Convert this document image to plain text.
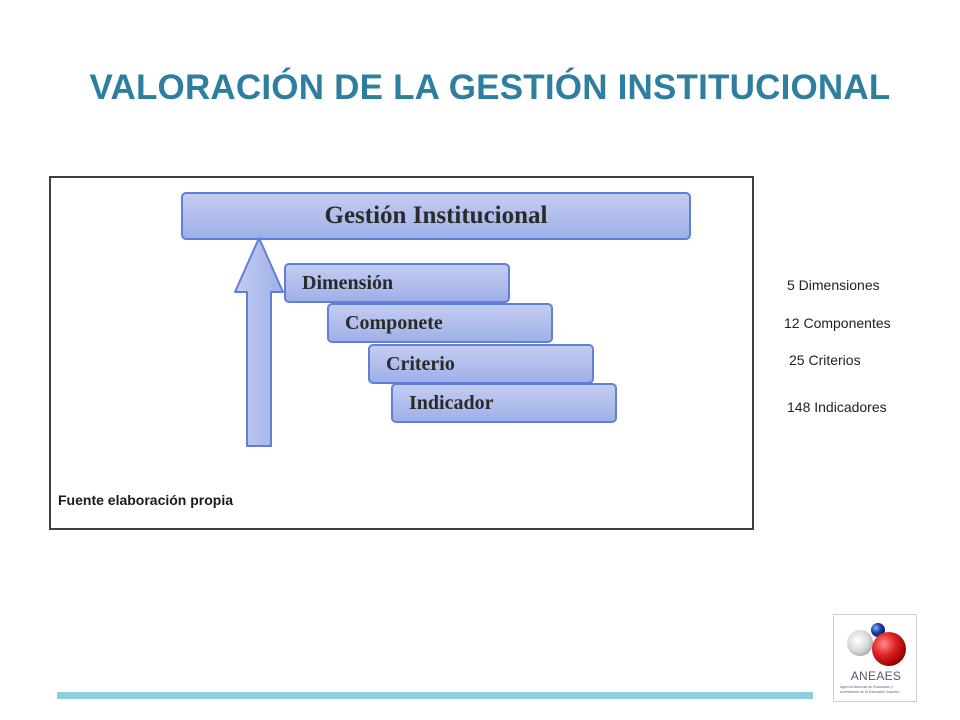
VALORACIÓN DE LA GESTIÓN INSTITUCIONAL
Gestión Institucional
Dimensión
Componete
Criterio
Indicador
Fuente elaboración propia
5 Dimensiones
12 Componentes
25 Criterios
148 Indicadores
ANEAES
Agencia Nacional de Evaluación y Acreditación de la Educación Superior
